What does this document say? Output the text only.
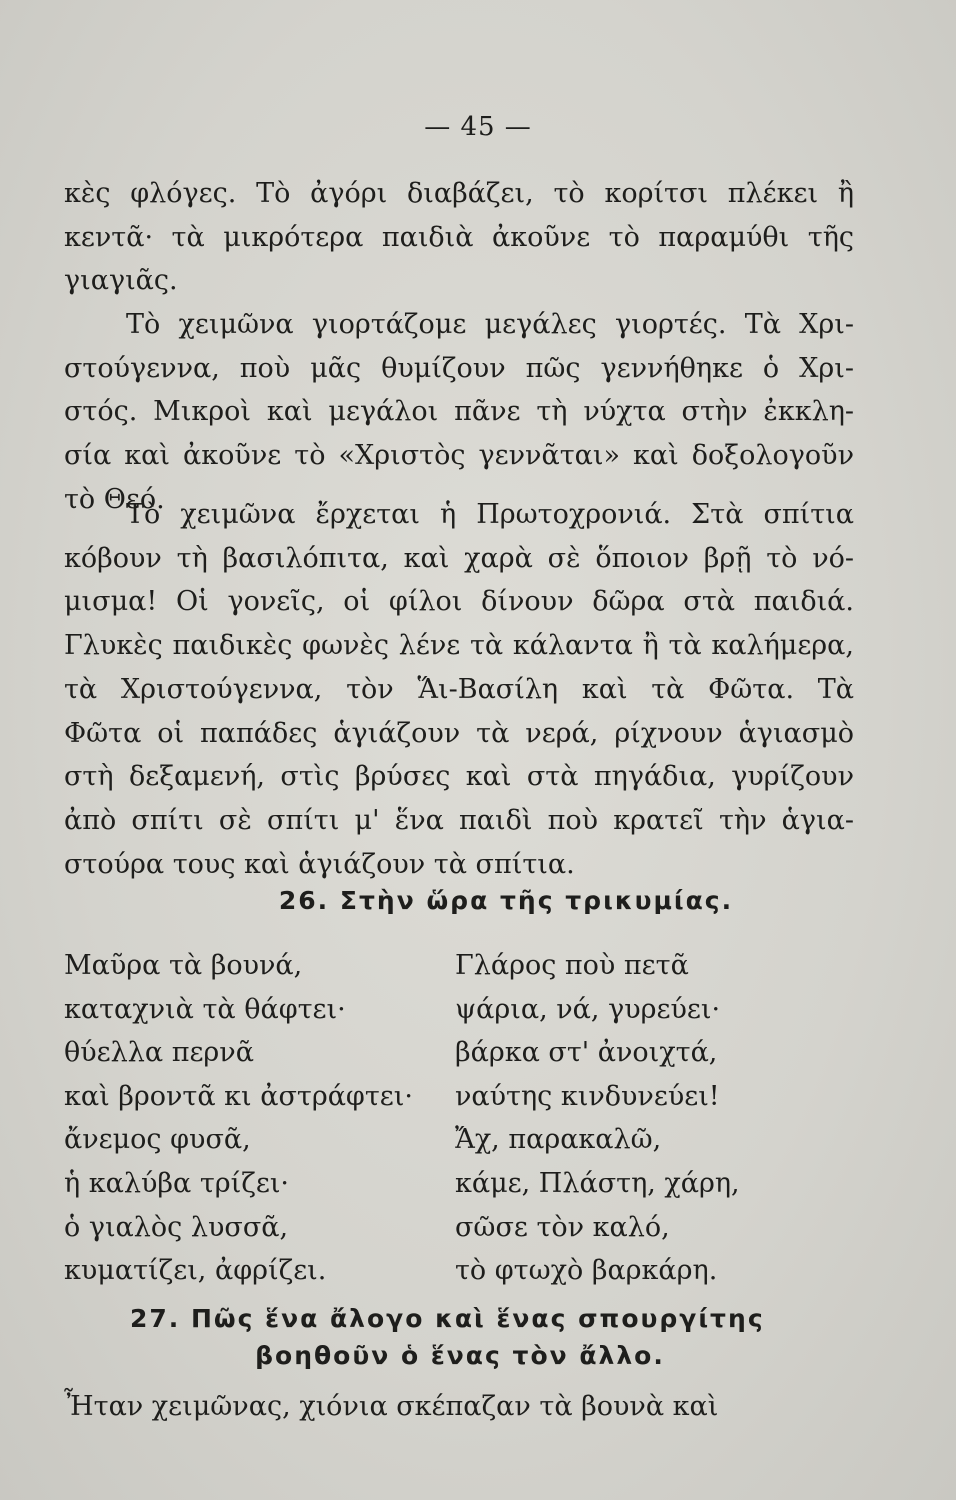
— 45 —

κὲς φλόγες. Τὸ ἀγόρι διαβάζει, τὸ κορίτσι πλέκει ἢ
κεντᾶ· τὰ μικρότερα παιδιὰ ἀκοῦνε τὸ παραμύθι τῆς
γιαγιᾶς.

Τὸ χειμῶνα γιορτάζομε μεγάλες γιορτές. Τὰ Χρι-
στούγεννα, ποὺ μᾶς θυμίζουν πῶς γεννήθηκε ὁ Χρι-
στός. Μικροὶ καὶ μεγάλοι πᾶνε τὴ νύχτα στὴν ἐκκλη-
σία καὶ ἀκοῦνε τὸ «Χριστὸς γεννᾶται» καὶ δοξολογοῦν
τὸ Θεό.

Τὸ χειμῶνα ἔρχεται ἡ Πρωτοχρονιά. Στὰ σπίτια
κόβουν τὴ βασιλόπιτα, καὶ χαρὰ σὲ ὅποιον βρῇ τὸ νό-
μισμα! Οἱ γονεῖς, οἱ φίλοι δίνουν δῶρα στὰ παιδιά.
Γλυκὲς παιδικὲς φωνὲς λένε τὰ κάλαντα ἢ τὰ καλήμερα,
τὰ Χριστούγεννα, τὸν Ἅι-Βασίλη καὶ τὰ Φῶτα. Τὰ
Φῶτα οἱ παπάδες ἁγιάζουν τὰ νερά, ρίχνουν ἁγιασμὸ
στὴ δεξαμενή, στὶς βρύσες καὶ στὰ πηγάδια, γυρίζουν
ἀπὸ σπίτι σὲ σπίτι μ' ἕνα παιδὶ ποὺ κρατεῖ τὴν ἁγια-
στούρα τους καὶ ἁγιάζουν τὰ σπίτια.

26. Στὴν ὥρα τῆς τρικυμίας.
Μαῦρα τὰ βουνά,
καταχνιὰ τὰ θάφτει·
θύελλα περνᾶ
καὶ βροντᾶ κι ἀστράφτει·
ἄνεμος φυσᾶ,
ἡ καλύβα τρίζει·
ὁ γιαλὸς λυσσᾶ,
κυματίζει, ἀφρίζει.
Γλάρος ποὺ πετᾶ
ψάρια, νά, γυρεύει·
βάρκα στ' ἀνοιχτά,
ναύτης κινδυνεύει!
Ἄχ, παρακαλῶ,
κάμε, Πλάστη, χάρη,
σῶσε τὸν καλό,
τὸ φτωχὸ βαρκάρη.
27. Πῶς ἕνα ἄλογο καὶ ἕνας σπουργίτης
βοηθοῦν ὁ ἕνας τὸν ἄλλο.

Ἦταν χειμῶνας, χιόνια σκέπαζαν τὰ βουνὰ καὶ
